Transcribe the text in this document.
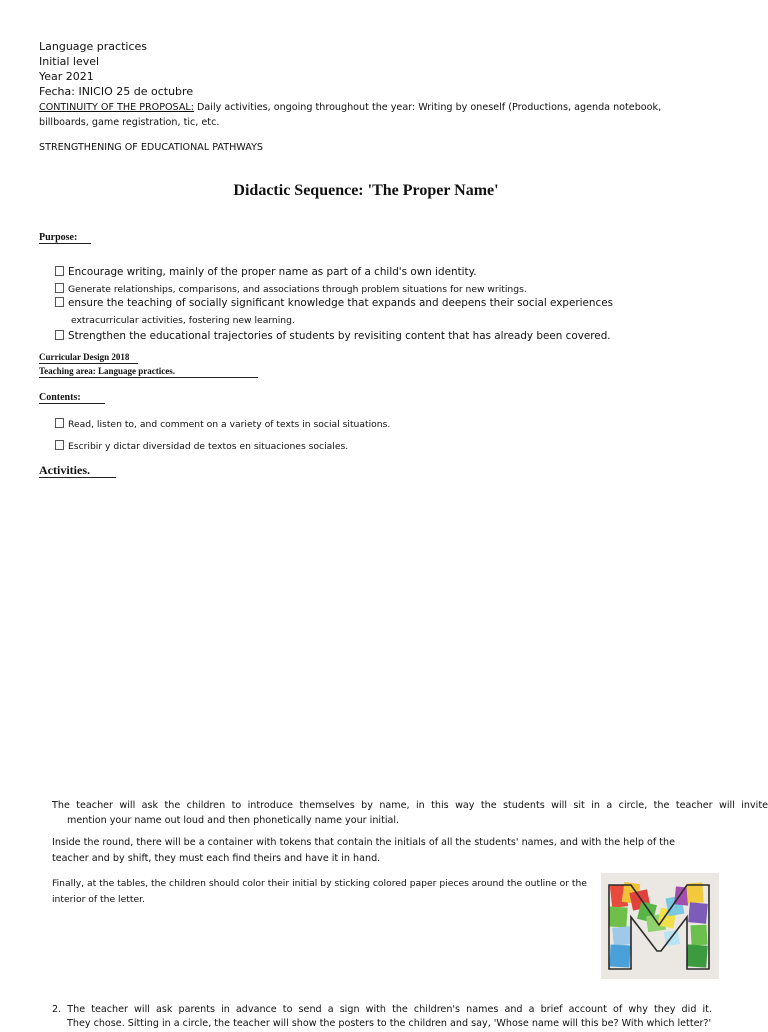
Language practices
Initial level
Year 2021
Fecha: INICIO 25 de octubre
CONTINUITY OF THE PROPOSAL: Daily activities, ongoing throughout the year: Writing by oneself (Productions, agenda notebook,
billboards, game registration, tic, etc.
STRENGTHENING OF EDUCATIONAL PATHWAYS
Didactic Sequence: 'The Proper Name'
Purpose:
Encourage writing, mainly of the proper name as part of a child's own identity.
Generate relationships, comparisons, and associations through problem situations for new writings.
ensure the teaching of socially significant knowledge that expands and deepens their social experiences
extracurricular activities, fostering new learning.
Strengthen the educational trajectories of students by revisiting content that has already been covered.
Curricular Design 2018
Teaching area: Language practices.
Contents:
Read, listen to, and comment on a variety of texts in social situations.
Escribir y dictar diversidad de textos en situaciones sociales.
Activities.
The teacher will ask the children to introduce themselves by name, in this way the students will sit in a circle, the teacher will invite
mention your name out loud and then phonetically name your initial.
Inside the round, there will be a container with tokens that contain the initials of all the students' names, and with the help of the
teacher and by shift, they must each find theirs and have it in hand.
Finally, at the tables, the children should color their initial by sticking colored paper pieces around the outline or the
interior of the letter.
2. The teacher will ask parents in advance to send a sign with the children's names and a brief account of why they did it.
They chose. Sitting in a circle, the teacher will show the posters to the children and say, 'Whose name will this be? With which letter?'
